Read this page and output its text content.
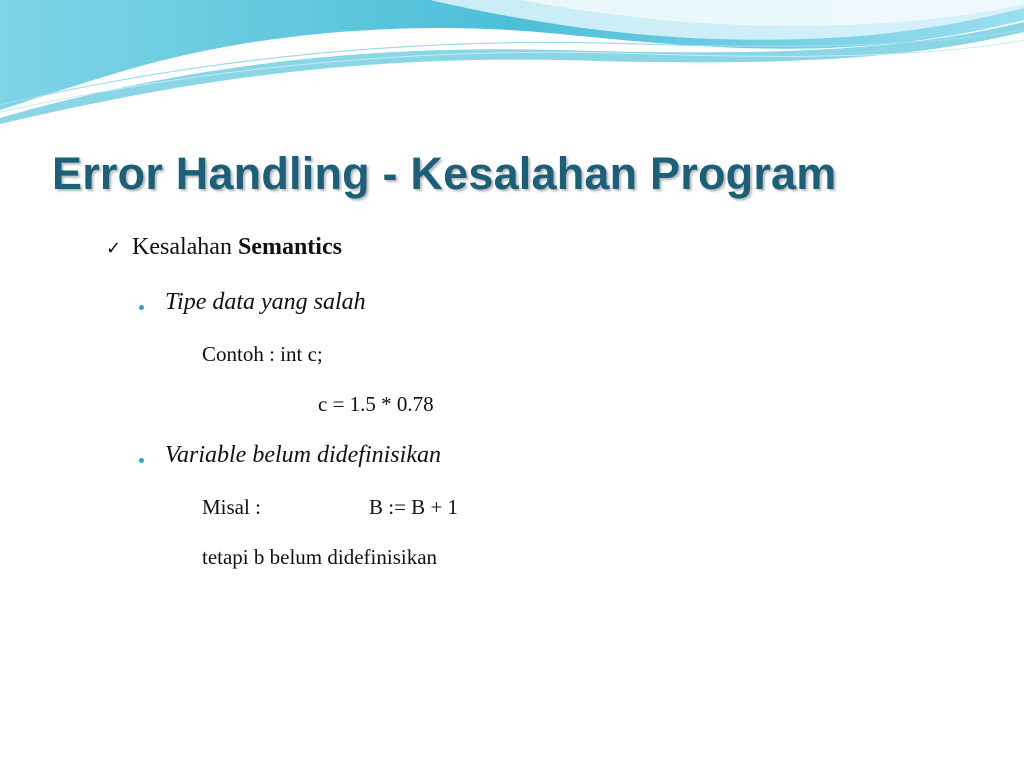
Error Handling - Kesalahan Program
✓ Kesalahan Semantics
Tipe data yang salah
Contoh : int c;
c = 1.5 * 0.78
Variable belum didefinisikan
Misal :	B := B + 1
tetapi b belum didefinisikan
